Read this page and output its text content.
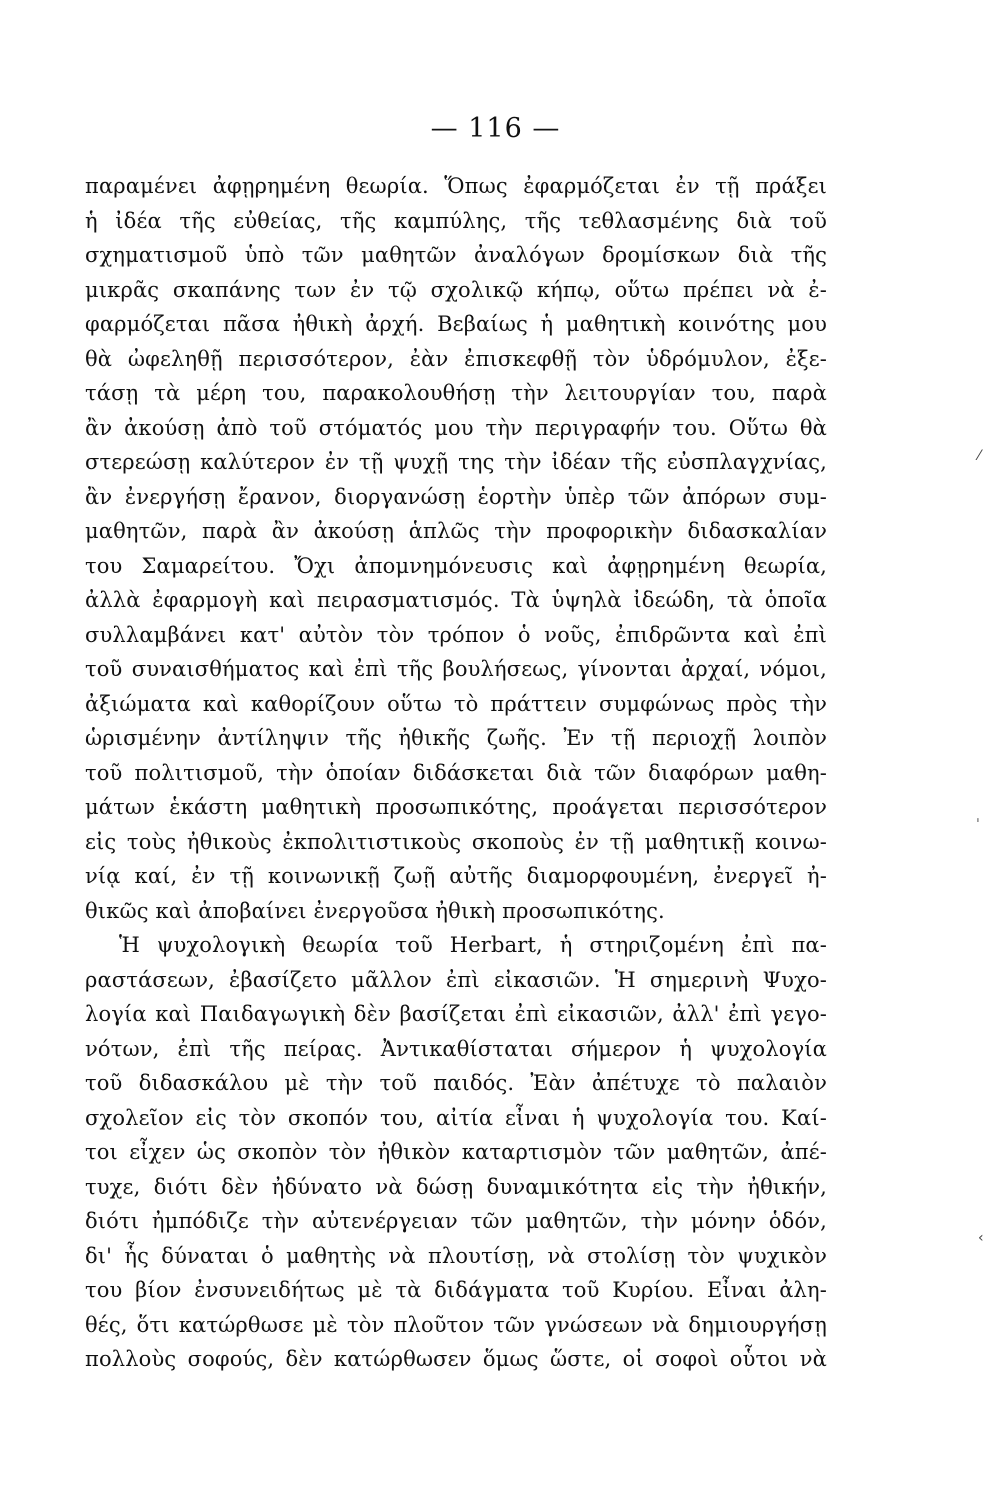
— 116 —
παραμένει ἀφῃρημένη θεωρία. Ὅπως ἐφαρμόζεται ἐν τῇ πράξει
ἡ ἰδέα τῆς εὐθείας, τῆς καμπύλης, τῆς τεθλασμένης διὰ τοῦ
σχηματισμοῦ ὑπὸ τῶν μαθητῶν ἀναλόγων δρομίσκων διὰ τῆς
μικρᾶς σκαπάνης των ἐν τῷ σχολικῷ κήπῳ, οὕτω πρέπει νὰ ἐ-
φαρμόζεται πᾶσα ἠθικὴ ἀρχή. Βεβαίως ἡ μαθητικὴ κοινότης μου
θὰ ὠφεληθῇ περισσότερον, ἐὰν ἐπισκεφθῇ τὸν ὑδρόμυλον, ἐξε-
τάσῃ τὰ μέρη του, παρακολουθήσῃ τὴν λειτουργίαν του, παρὰ
ἂν ἀκούσῃ ἀπὸ τοῦ στόματός μου τὴν περιγραφήν του. Οὕτω θὰ
στερεώσῃ καλύτερον ἐν τῇ ψυχῇ της τὴν ἰδέαν τῆς εὐσπλαγχνίας,
ἂν ἐνεργήσῃ ἔρανον, διοργανώσῃ ἑορτὴν ὑπὲρ τῶν ἀπόρων συμ-
μαθητῶν, παρὰ ἂν ἀκούσῃ ἁπλῶς τὴν προφορικὴν διδασκαλίαν
του Σαμαρείτου. Ὄχι ἀπομνημόνευσις καὶ ἀφῃρημένη θεωρία,
ἀλλὰ ἐφαρμογὴ καὶ πειρασματισμός. Τὰ ὑψηλὰ ἰδεώδη, τὰ ὁποῖα
συλλαμβάνει κατ' αὐτὸν τὸν τρόπον ὁ νοῦς, ἐπιδρῶντα καὶ ἐπὶ
τοῦ συναισθήματος καὶ ἐπὶ τῆς βουλήσεως, γίνονται ἀρχαί, νόμοι,
ἀξιώματα καὶ καθορίζουν οὕτω τὸ πράττειν συμφώνως πρὸς τὴν
ὡρισμένην ἀντίληψιν τῆς ἠθικῆς ζωῆς. Ἐν τῇ περιοχῇ λοιπὸν
τοῦ πολιτισμοῦ, τὴν ὁποίαν διδάσκεται διὰ τῶν διαφόρων μαθη-
μάτων ἑκάστη μαθητικὴ προσωπικότης, προάγεται περισσότερον
εἰς τοὺς ἠθικοὺς ἐκπολιτιστικοὺς σκοποὺς ἐν τῇ μαθητικῇ κοινω-
νίᾳ καί, ἐν τῇ κοινωνικῇ ζωῇ αὐτῆς διαμορφουμένη, ἐνεργεῖ ἠ-
θικῶς καὶ ἀποβαίνει ἐνεργοῦσα ἠθικὴ προσωπικότης.
Ἡ ψυχολογικὴ θεωρία τοῦ Herbart, ἡ στηριζομένη ἐπὶ πα-
ραστάσεων, ἐβασίζετο μᾶλλον ἐπὶ εἰκασιῶν. Ἡ σημερινὴ Ψυχο-
λογία καὶ Παιδαγωγικὴ δὲν βασίζεται ἐπὶ εἰκασιῶν, ἀλλ' ἐπὶ γεγο-
νότων, ἐπὶ τῆς πείρας. Ἀντικαθίσταται σήμερον ἡ ψυχολογία
τοῦ διδασκάλου μὲ τὴν τοῦ παιδός. Ἐὰν ἀπέτυχε τὸ παλαιὸν
σχολεῖον εἰς τὸν σκοπόν του, αἰτία εἶναι ἡ ψυχολογία του. Καί-
τοι εἶχεν ὡς σκοπὸν τὸν ἠθικὸν καταρτισμὸν τῶν μαθητῶν, ἀπέ-
τυχε, διότι δὲν ἠδύνατο νὰ δώσῃ δυναμικότητα εἰς τὴν ἠθικήν,
διότι ἠμπόδιζε τὴν αὐτενέργειαν τῶν μαθητῶν, τὴν μόνην ὁδόν,
δι' ἧς δύναται ὁ μαθητὴς νὰ πλουτίσῃ, νὰ στολίσῃ τὸν ψυχικὸν
του βίον ἐνσυνειδήτως μὲ τὰ διδάγματα τοῦ Κυρίου. Εἶναι ἀλη-
θές, ὅτι κατώρθωσε μὲ τὸν πλοῦτον τῶν γνώσεων νὰ δημιουργήσῃ
πολλοὺς σοφούς, δὲν κατώρθωσεν ὅμως ὥστε, οἱ σοφοὶ οὗτοι νὰ
⁄
ˌ
‹
